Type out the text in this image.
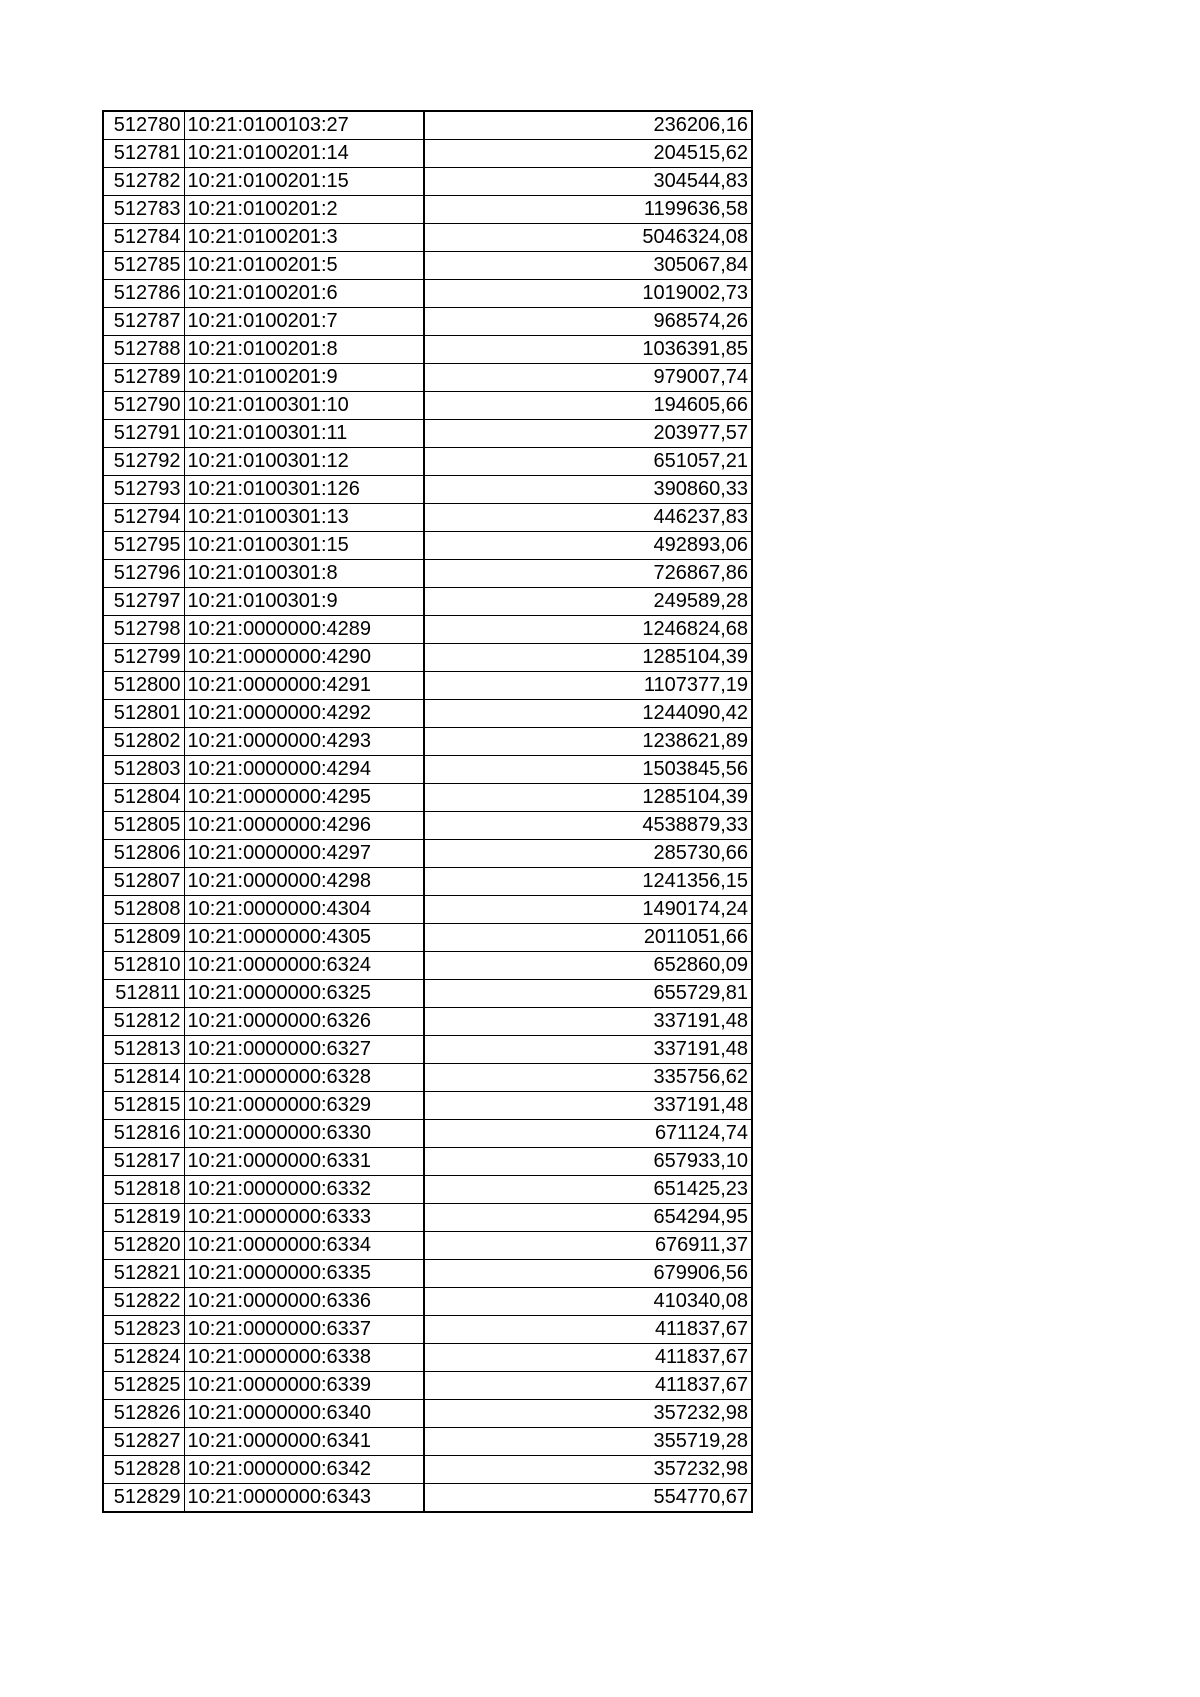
512780	10:21:0100103:27	236206,16
512781	10:21:0100201:14	204515,62
512782	10:21:0100201:15	304544,83
512783	10:21:0100201:2	1199636,58
512784	10:21:0100201:3	5046324,08
512785	10:21:0100201:5	305067,84
512786	10:21:0100201:6	1019002,73
512787	10:21:0100201:7	968574,26
512788	10:21:0100201:8	1036391,85
512789	10:21:0100201:9	979007,74
512790	10:21:0100301:10	194605,66
512791	10:21:0100301:11	203977,57
512792	10:21:0100301:12	651057,21
512793	10:21:0100301:126	390860,33
512794	10:21:0100301:13	446237,83
512795	10:21:0100301:15	492893,06
512796	10:21:0100301:8	726867,86
512797	10:21:0100301:9	249589,28
512798	10:21:0000000:4289	1246824,68
512799	10:21:0000000:4290	1285104,39
512800	10:21:0000000:4291	1107377,19
512801	10:21:0000000:4292	1244090,42
512802	10:21:0000000:4293	1238621,89
512803	10:21:0000000:4294	1503845,56
512804	10:21:0000000:4295	1285104,39
512805	10:21:0000000:4296	4538879,33
512806	10:21:0000000:4297	285730,66
512807	10:21:0000000:4298	1241356,15
512808	10:21:0000000:4304	1490174,24
512809	10:21:0000000:4305	2011051,66
512810	10:21:0000000:6324	652860,09
512811	10:21:0000000:6325	655729,81
512812	10:21:0000000:6326	337191,48
512813	10:21:0000000:6327	337191,48
512814	10:21:0000000:6328	335756,62
512815	10:21:0000000:6329	337191,48
512816	10:21:0000000:6330	671124,74
512817	10:21:0000000:6331	657933,10
512818	10:21:0000000:6332	651425,23
512819	10:21:0000000:6333	654294,95
512820	10:21:0000000:6334	676911,37
512821	10:21:0000000:6335	679906,56
512822	10:21:0000000:6336	410340,08
512823	10:21:0000000:6337	411837,67
512824	10:21:0000000:6338	411837,67
512825	10:21:0000000:6339	411837,67
512826	10:21:0000000:6340	357232,98
512827	10:21:0000000:6341	355719,28
512828	10:21:0000000:6342	357232,98
512829	10:21:0000000:6343	554770,67
